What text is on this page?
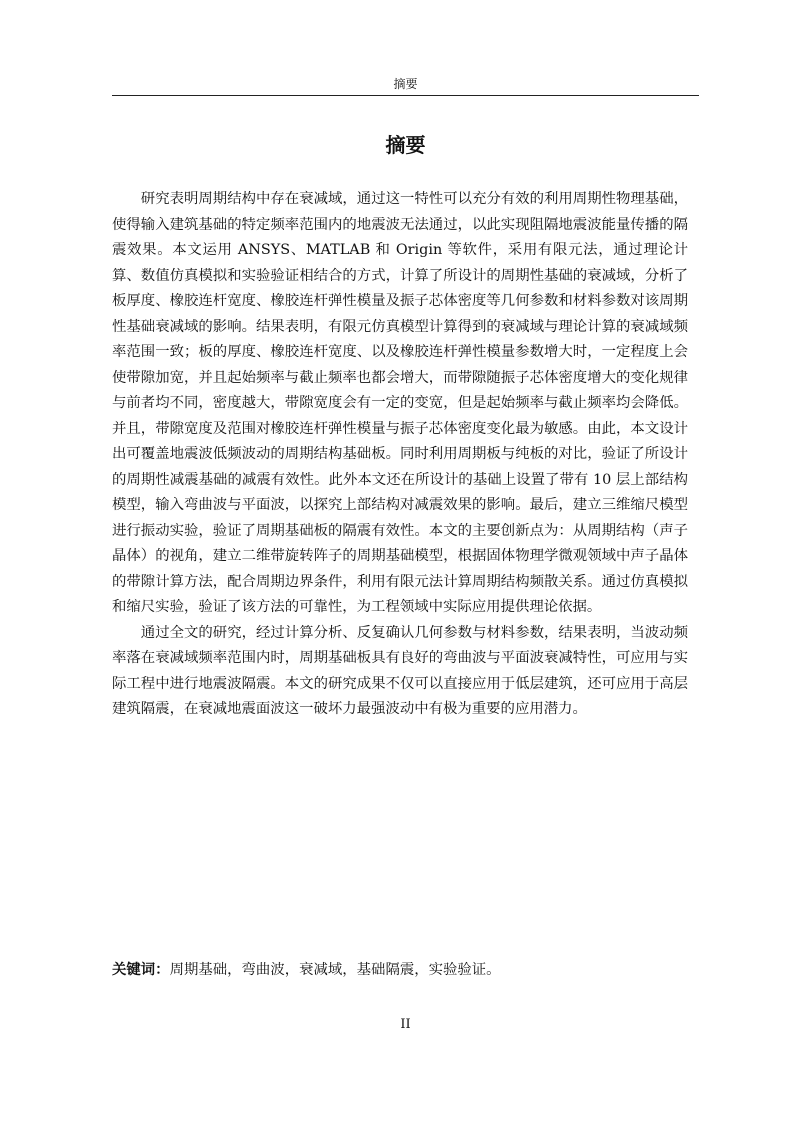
摘要
摘要

研究表明周期结构中存在衰减域，通过这一特性可以充分有效的利用周期性物理基础，使得输入建筑基础的特定频率范围内的地震波无法通过，以此实现阻隔地震波能量传播的隔震效果。本文运用 ANSYS、MATLAB 和 Origin 等软件，采用有限元法，通过理论计算、数值仿真模拟和实验验证相结合的方式，计算了所设计的周期性基础的衰减域，分析了板厚度、橡胶连杆宽度、橡胶连杆弹性模量及振子芯体密度等几何参数和材料参数对该周期性基础衰减域的影响。结果表明，有限元仿真模型计算得到的衰减域与理论计算的衰减域频率范围一致；板的厚度、橡胶连杆宽度、以及橡胶连杆弹性模量参数增大时，一定程度上会使带隙加宽，并且起始频率与截止频率也都会增大，而带隙随振子芯体密度增大的变化规律与前者均不同，密度越大，带隙宽度会有一定的变宽，但是起始频率与截止频率均会降低。并且，带隙宽度及范围对橡胶连杆弹性模量与振子芯体密度变化最为敏感。由此，本文设计出可覆盖地震波低频波动的周期结构基础板。同时利用周期板与纯板的对比，验证了所设计的周期性减震基础的减震有效性。此外本文还在所设计的基础上设置了带有 10 层上部结构模型，输入弯曲波与平面波，以探究上部结构对减震效果的影响。最后，建立三维缩尺模型进行振动实验，验证了周期基础板的隔震有效性。本文的主要创新点为：从周期结构（声子晶体）的视角，建立二维带旋转阵子的周期基础模型，根据固体物理学微观领域中声子晶体的带隙计算方法，配合周期边界条件，利用有限元法计算周期结构频散关系。通过仿真模拟和缩尺实验，验证了该方法的可靠性，为工程领域中实际应用提供理论依据。

通过全文的研究，经过计算分析、反复确认几何参数与材料参数，结果表明，当波动频率落在衰减域频率范围内时，周期基础板具有良好的弯曲波与平面波衰减特性，可应用与实际工程中进行地震波隔震。本文的研究成果不仅可以直接应用于低层建筑，还可应用于高层建筑隔震，在衰减地震面波这一破坏力最强波动中有极为重要的应用潜力。

关键词：周期基础，弯曲波，衰减域，基础隔震，实验验证。
II
